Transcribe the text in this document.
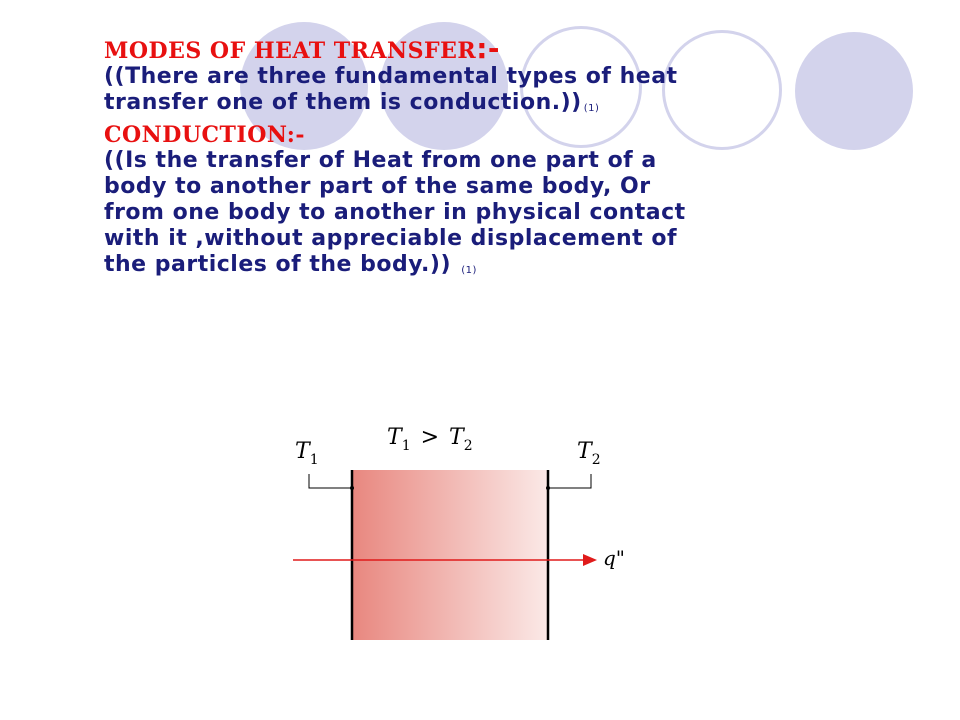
MODES OF HEAT TRANSFER:-

((There are three fundamental types of heat transfer one of them is conduction.)) (1)

CONDUCTION:-

((Is the transfer of Heat from one part of a body to another part of the same body, Or from one body to another in physical contact with it ,without appreciable displacement of the particles of the body.)) (1)

$T_1$	$T_2$
$T_1 > T_2$
q"
